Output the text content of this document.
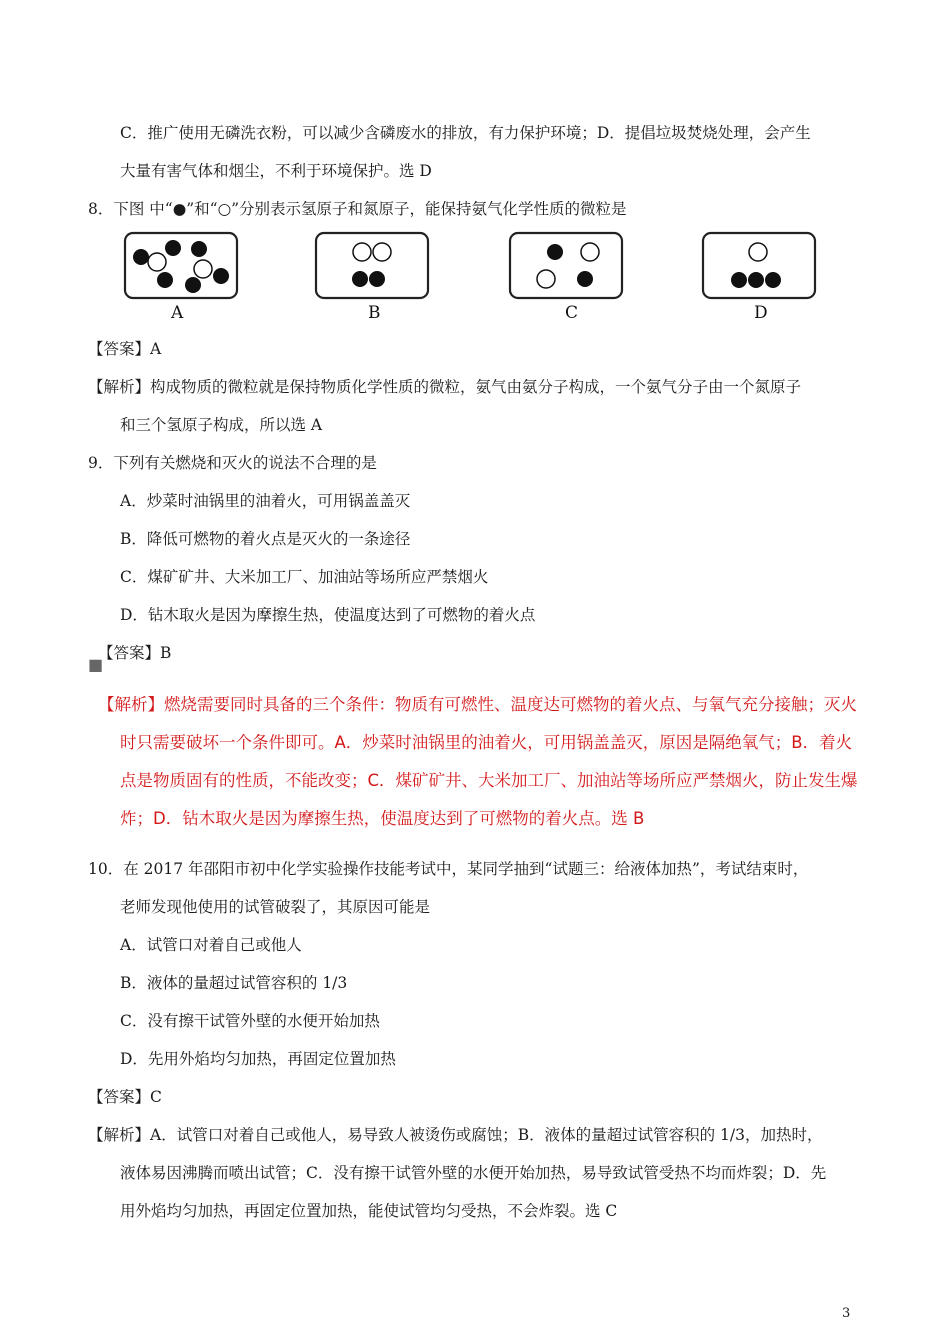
C．推广使用无磷洗衣粉，可以减少含磷废水的排放，有力保护环境；D．提倡垃圾焚烧处理，会产生
大量有害气体和烟尘，不利于环境保护。选 D
8．下图 中“●”和“○”分别表示氢原子和氮原子，能保持氨气化学性质的微粒是
A	B	C	D
【答案】A
【解析】构成物质的微粒就是保持物质化学性质的微粒，氨气由氨分子构成，一个氨气分子由一个氮原子
和三个氢原子构成，所以选 A
9．下列有关燃烧和灭火的说法不合理的是
A．炒菜时油锅里的油着火，可用锅盖盖灭
B．降低可燃物的着火点是灭火的一条途径
C．煤矿矿井、大米加工厂、加油站等场所应严禁烟火
D．钻木取火是因为摩擦生热，使温度达到了可燃物的着火点
■
【答案】B
【解析】燃烧需要同时具备的三个条件：物质有可燃性、温度达可燃物的着火点、与氧气充分接触；灭火
时只需要破坏一个条件即可。A．炒菜时油锅里的油着火，可用锅盖盖灭，原因是隔绝氧气；B．着火
点是物质固有的性质，不能改变；C．煤矿矿井、大米加工厂、加油站等场所应严禁烟火，防止发生爆
炸；D．钻木取火是因为摩擦生热，使温度达到了可燃物的着火点。选 B
10．在 2017 年邵阳市初中化学实验操作技能考试中，某同学抽到“试题三：给液体加热”，考试结束时，
老师发现他使用的试管破裂了，其原因可能是
A．试管口对着自己或他人
B．液体的量超过试管容积的 1/3
C．没有擦干试管外壁的水便开始加热
D．先用外焰均匀加热，再固定位置加热
【答案】C
【解析】A．试管口对着自己或他人，易导致人被烫伤或腐蚀；B．液体的量超过试管容积的 1/3，加热时，
液体易因沸腾而喷出试管；C．没有擦干试管外壁的水便开始加热，易导致试管受热不均而炸裂；D．先
用外焰均匀加热，再固定位置加热，能使试管均匀受热，不会炸裂。选 C
3
